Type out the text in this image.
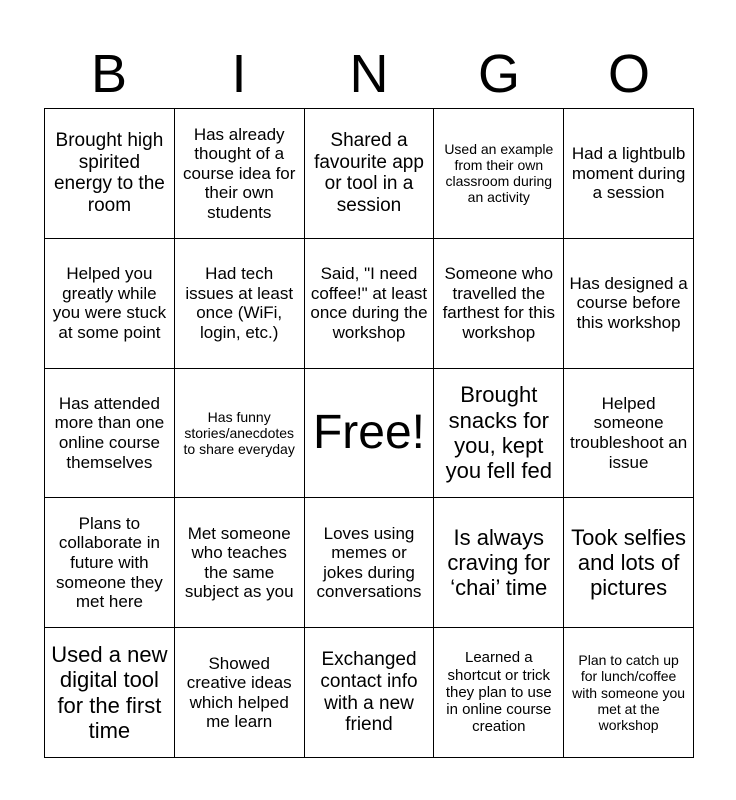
B	I	N	G	O
Brought high spirited energy to the room
Has already thought of a course idea for their own students
Shared a favourite app or tool in a session
Used an example from their own classroom during an activity
Had a lightbulb moment during a session
Helped you greatly while you were stuck at some point
Had tech issues at least once (WiFi, login, etc.)
Said, "I need coffee!" at least once during the workshop
Someone who travelled the farthest for this workshop
Has designed a course before this workshop
Has attended more than one online course themselves
Has funny stories/anecdotes to share everyday Free!
Brought snacks for you, kept you fell fed
Helped someone troubleshoot an issue
Plans to collaborate in future with someone they met here
Met someone who teaches the same subject as you
Loves using memes or jokes during conversations
Is always craving for ‘chai’ time
Took selfies and lots of pictures
Used a new digital tool for the first time
Showed creative ideas which helped me learn
Exchanged contact info with a new friend
Learned a shortcut or trick they plan to use in online course creation
Plan to catch up for lunch/coffee with someone you met at the workshop
